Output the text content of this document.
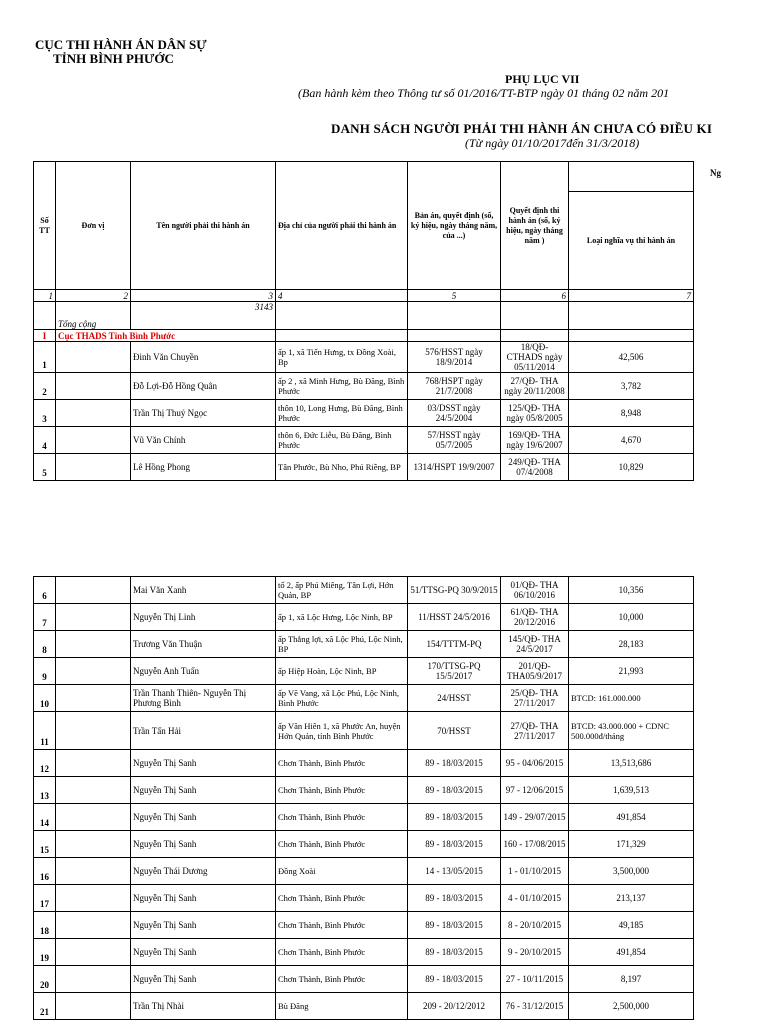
CỤC THI HÀNH ÁN DÂN SỰ
TỈNH BÌNH PHƯỚC
PHỤ LỤC VII
(Ban hành kèm theo Thông tư số 01/2016/TT-BTP ngày 01 tháng 02 năm 201
DANH SÁCH NGƯỜI PHẢI THI HÀNH ÁN CHƯA CÓ ĐIỀU KI
(Từ ngày 01/10/2017đến 31/3/2018)
Ng
Số TT	Đơn vị	Tên người phải thi hành án	Địa chỉ của người phải thi hành án	Bản án, quyết định (số, ký hiệu, ngày tháng năm, của ...)	Quyết định thi hành án (số, ký hiệu, ngày tháng năm )	
						Loại nghĩa vụ thi hành án
1	2	3	4	5	6	7
	Tổng cộng	3143				
I	Cục THADS Tỉnh Bình Phước					
1		Đinh Văn Chuyền	ấp 1, xã Tiến Hưng, tx Đồng Xoài, Bp	576/HSST ngày 18/9/2014	18/QĐ-CTHADS ngày 05/11/2014	42,506
2		Đỗ Lợi-Đỗ Hồng Quân	ấp 2 , xã Minh Hưng, Bù Đăng, Bình Phước	768/HSPT ngày 21/7/2008	27/QĐ- THA ngày 20/11/2008	3,782
3		Trần Thị Thuý Ngọc	thôn 10, Long Hưng, Bù Đăng, Bình Phước	03/DSST ngày 24/5/2004	125/QĐ- THA ngày 05/8/2005	8,948
4		Vũ Văn Chính	thôn 6, Đức Liễu, Bù Đăng, Bình Phước	57/HSST ngày 05/7/2005	169/QĐ- THA ngày 19/6/2007	4,670
5		Lê Hồng Phong	Tân Phước, Bù Nho, Phú Riềng, BP	1314/HSPT 19/9/2007	249/QĐ- THA 07/4/2008	10,829
6		Mai Văn Xanh	tổ 2, ấp Phú Miêng, Tân Lợi, Hớn Quản, BP	51/TTSG-PQ 30/9/2015	01/QĐ- THA 06/10/2016	10,356
7		Nguyễn Thị Linh	ấp 1, xã Lộc Hưng, Lộc Ninh, BP	11/HSST 24/5/2016	61/QĐ- THA 20/12/2016	10,000
8		Trương Văn Thuận	ấp Thắng lợi, xã Lộc Phú, Lộc Ninh, BP	154/TTTM-PQ	145/QĐ- THA 24/5/2017	28,183
9		Nguyễn Anh Tuấn	ấp Hiệp Hoàn, Lộc Ninh, BP	170/TTSG-PQ 15/5/2017	201/QĐ-THA05/9/2017	21,993
10		Trần Thanh Thiên- Nguyễn Thị Phương Bình	ấp Vẽ Vang, xã Lộc Phú, Lộc Ninh, Bình Phước	24/HSST	25/QĐ- THA 27/11/2017	BTCD: 161.000.000
11		Trần Tấn Hải	ấp Văn Hiên 1, xã Phước An, huyện Hớn Quản, tỉnh Bình Phước	70/HSST	27/QĐ- THA 27/11/2017	BTCD: 43.000.000 + CDNC 500.000đ/tháng
12		Nguyễn Thị Sanh	Chơn Thành, Bình Phước	89 - 18/03/2015	95 - 04/06/2015	13,513,686
13		Nguyễn Thị Sanh	Chơn Thành, Bình Phước	89 - 18/03/2015	97 - 12/06/2015	1,639,513
14		Nguyễn Thị Sanh	Chơn Thành, Bình Phước	89 - 18/03/2015	149 - 29/07/2015	491,854
15		Nguyễn Thị Sanh	Chơn Thành, Bình Phước	89 - 18/03/2015	160 - 17/08/2015	171,329
16		Nguyễn Thái Dương	Đồng Xoài	14 - 13/05/2015	1 - 01/10/2015	3,500,000
17		Nguyễn Thị Sanh	Chơn Thành, Bình Phước	89 - 18/03/2015	4 - 01/10/2015	213,137
18		Nguyễn Thị Sanh	Chơn Thành, Bình Phước	89 - 18/03/2015	8 - 20/10/2015	49,185
19		Nguyễn Thị Sanh	Chơn Thành, Bình Phước	89 - 18/03/2015	9 - 20/10/2015	491,854
20		Nguyễn Thị Sanh	Chơn Thành, Bình Phước	89 - 18/03/2015	27 - 10/11/2015	8,197
21		Trần Thị Nhài	Bù Đăng	209 - 20/12/2012	76 - 31/12/2015	2,500,000
